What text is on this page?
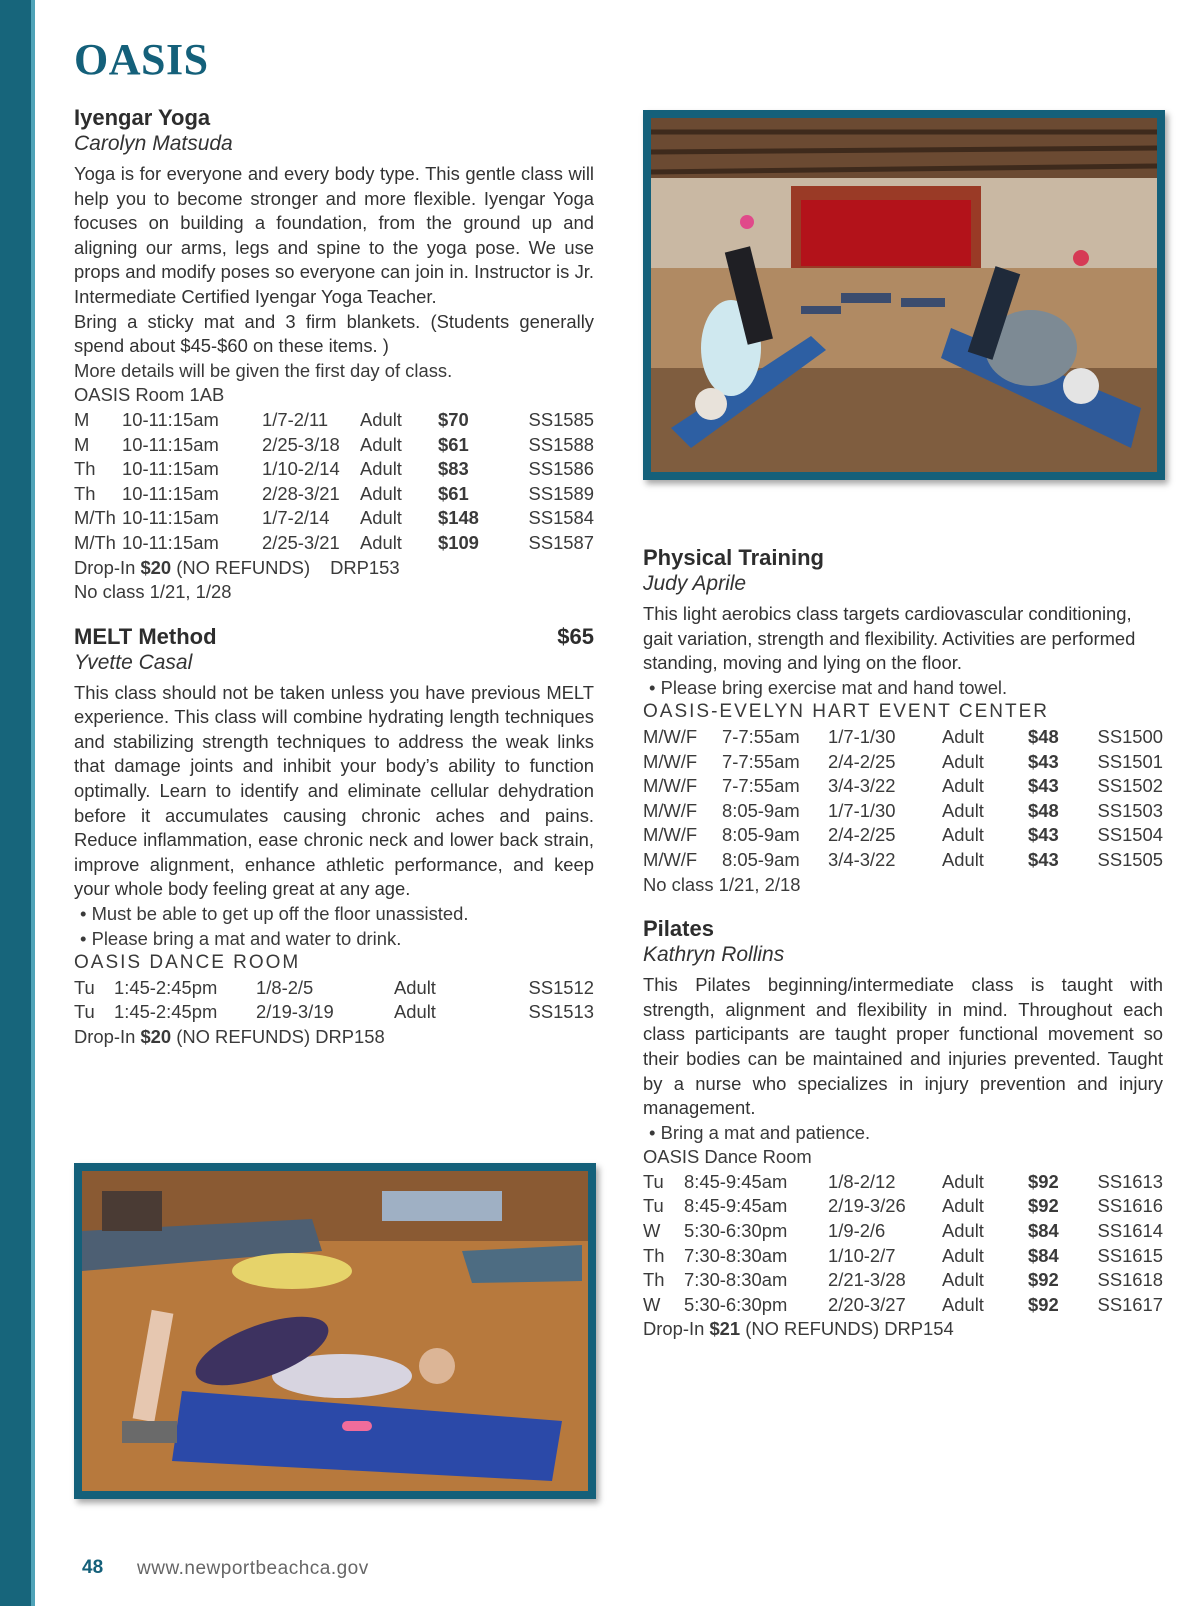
OASIS
Iyengar Yoga
Carolyn Matsuda

Yoga is for everyone and every body type. This gentle class will help you to become stronger and more flexible. Iyengar Yoga focuses on building a foundation, from the ground up and aligning our arms, legs and spine to the yoga pose. We use props and modify poses so everyone can join in. Instructor is Jr. Intermediate Certified Iyengar Yoga Teacher.

Bring a sticky mat and 3 firm blankets. (Students generally spend about $45-$60 on these items. )

More details will be given the first day of class.
OASIS Room 1AB
M	10-11:15am	1/7-2/11	Adult	$70	SS1585
M	10-11:15am	2/25-3/18	Adult	$61	SS1588
Th	10-11:15am	1/10-2/14	Adult	$83	SS1586
Th	10-11:15am	2/28-3/21	Adult	$61	SS1589
M/Th	10-11:15am	1/7-2/14	Adult	$148	SS1584
M/Th	10-11:15am	2/25-3/21	Adult	$109	SS1587
Drop-In $20 (NO REFUNDS) DRP153
No class 1/21, 1/28
MELT Method	$65
Yvette Casal

This class should not be taken unless you have previous MELT experience. This class will combine hydrating length techniques and stabilizing strength techniques to address the weak links that damage joints and inhibit your body’s ability to function optimally. Learn to identify and eliminate cellular dehydration before it accumulates causing chronic aches and pains. Reduce inflammation, ease chronic neck and lower back strain, improve alignment, enhance athletic performance, and keep your whole body feeling great at any age.

• Must be able to get up off the floor unassisted.
• Please bring a mat and water to drink.
OASIS DANCE ROOM
Tu	1:45-2:45pm	1/8-2/5	Adult		SS1512
Tu	1:45-2:45pm	2/19-3/19	Adult		SS1513
Drop-In $20 (NO REFUNDS) DRP158
Physical Training
Judy Aprile

This light aerobics class targets cardiovascular conditioning, gait variation, strength and flexibility. Activities are performed standing, moving and lying on the floor.

• Please bring exercise mat and hand towel.
OASIS-EVELYN HART EVENT CENTER
M/W/F	7-7:55am	1/7-1/30	Adult	$48	SS1500
M/W/F	7-7:55am	2/4-2/25	Adult	$43	SS1501
M/W/F	7-7:55am	3/4-3/22	Adult	$43	SS1502
M/W/F	8:05-9am	1/7-1/30	Adult	$48	SS1503
M/W/F	8:05-9am	2/4-2/25	Adult	$43	SS1504
M/W/F	8:05-9am	3/4-3/22	Adult	$43	SS1505
No class 1/21, 2/18
Pilates
Kathryn Rollins

This Pilates beginning/intermediate class is taught with strength, alignment and flexibility in mind. Throughout each class participants are taught proper functional movement so their bodies can be maintained and injuries prevented. Taught by a nurse who specializes in injury prevention and injury management.

• Bring a mat and patience.
OASIS Dance Room
Tu	8:45-9:45am	1/8-2/12	Adult	$92	SS1613
Tu	8:45-9:45am	2/19-3/26	Adult	$92	SS1616
W	5:30-6:30pm	1/9-2/6	Adult	$84	SS1614
Th	7:30-8:30am	1/10-2/7	Adult	$84	SS1615
Th	7:30-8:30am	2/21-3/28	Adult	$92	SS1618
W	5:30-6:30pm	2/20-3/27	Adult	$92	SS1617
Drop-In $21 (NO REFUNDS) DRP154
48 www.newportbeachca.gov
